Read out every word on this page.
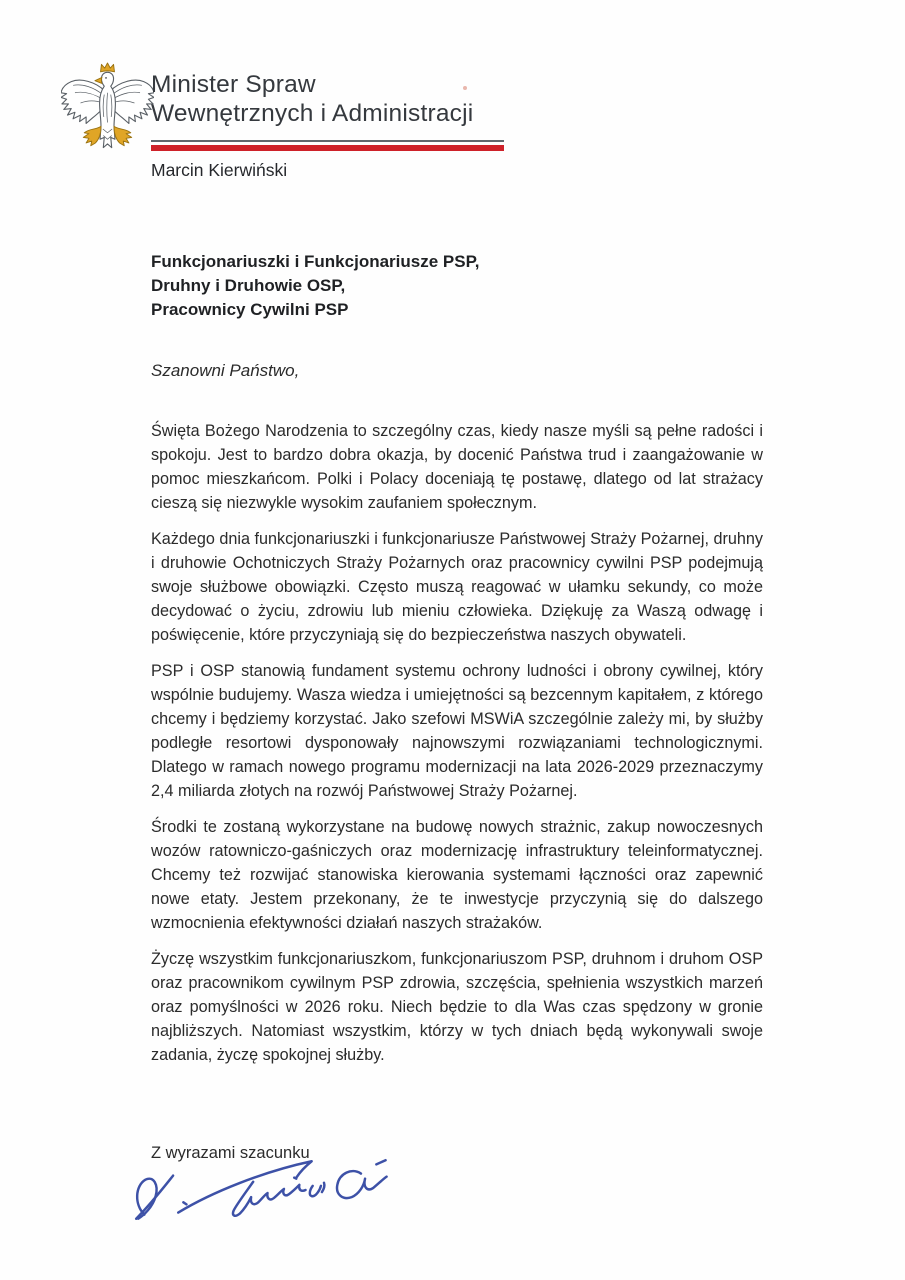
Minister Spraw
Wewnętrznych i Administracji
Marcin Kierwiński
Funkcjonariuszki i Funkcjonariusze PSP,
Druhny i Druhowie OSP,
Pracownicy Cywilni PSP
Szanowni Państwo,

Święta Bożego Narodzenia to szczególny czas, kiedy nasze myśli są pełne radości i spokoju. Jest to bardzo dobra okazja, by docenić Państwa trud i zaangażowanie w pomoc mieszkańcom. Polki i Polacy doceniają tę postawę, dlatego od lat strażacy cieszą się niezwykle wysokim zaufaniem społecznym.

Każdego dnia funkcjonariuszki i funkcjonariusze Państwowej Straży Pożarnej, druhny i druhowie Ochotniczych Straży Pożarnych oraz pracownicy cywilni PSP podejmują swoje służbowe obowiązki. Często muszą reagować w ułamku sekundy, co może decydować o życiu, zdrowiu lub mieniu człowieka. Dziękuję za Waszą odwagę i poświęcenie, które przyczyniają się do bezpieczeństwa naszych obywateli.

PSP i OSP stanowią fundament systemu ochrony ludności i obrony cywilnej, który wspólnie budujemy. Wasza wiedza i umiejętności są bezcennym kapitałem, z którego chcemy i będziemy korzystać. Jako szefowi MSWiA szczególnie zależy mi, by służby podległe resortowi dysponowały najnowszymi rozwiązaniami technologicznymi. Dlatego w ramach nowego programu modernizacji na lata 2026-2029 przeznaczymy 2,4 miliarda złotych na rozwój Państwowej Straży Pożarnej.

Środki te zostaną wykorzystane na budowę nowych strażnic, zakup nowoczesnych wozów ratowniczo-gaśniczych oraz modernizację infrastruktury teleinformatycznej. Chcemy też rozwijać stanowiska kierowania systemami łączności oraz zapewnić nowe etaty. Jestem przekonany, że te inwestycje przyczynią się do dalszego wzmocnienia efektywności działań naszych strażaków.

Życzę wszystkim funkcjonariuszkom, funkcjonariuszom PSP, druhnom i druhom OSP oraz pracownikom cywilnym PSP zdrowia, szczęścia, spełnienia wszystkich marzeń oraz pomyślności w 2026 roku. Niech będzie to dla Was czas spędzony w gronie najbliższych. Natomiast wszystkim, którzy w tych dniach będą wykonywali swoje zadania, życzę spokojnej służby.

Z wyrazami szacunku
